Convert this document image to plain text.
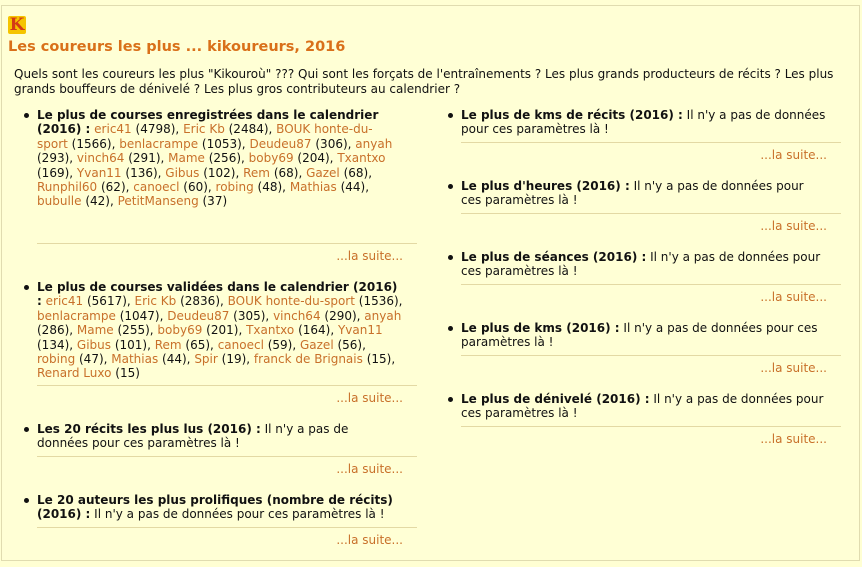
K
Les coureurs les plus ... kikoureurs, 2016
Quels sont les coureurs les plus "Kikouroù" ??? Qui sont les forçats de l'entraînements ? Les plus grands producteurs de récits ? Les plus grands bouffeurs de dénivelé ? Les plus gros contributeurs au calendrier ?
Le plus de courses enregistrées dans le calendrier (2016) : eric41 (4798), Eric Kb (2484), BOUK honte-du-sport (1566), benlacrampe (1053), Deudeu87 (306), anyah (293), vinch64 (291), Mame (256), boby69 (204), Txantxo (169), Yvan11 (136), Gibus (102), Rem (68), Gazel (68), Runphil60 (62), canoecl (60), robing (48), Mathias (44), bubulle (42), PetitManseng (37)
...la suite...
Le plus de courses validées dans le calendrier (2016) : eric41 (5617), Eric Kb (2836), BOUK honte-du-sport (1536), benlacrampe (1047), Deudeu87 (305), vinch64 (290), anyah (286), Mame (255), boby69 (201), Txantxo (164), Yvan11 (134), Gibus (101), Rem (65), canoecl (59), Gazel (56), robing (47), Mathias (44), Spir (19), franck de Brignais (15), Renard Luxo (15)
...la suite...
Les 20 récits les plus lus (2016) : Il n'y a pas de données pour ces paramètres là !
...la suite...
Le 20 auteurs les plus prolifiques (nombre de récits) (2016) : Il n'y a pas de données pour ces paramètres là !
...la suite...
Le plus de kms de récits (2016) : Il n'y a pas de données pour ces paramètres là !
...la suite...
Le plus d'heures (2016) : Il n'y a pas de données pour ces paramètres là !
...la suite...
Le plus de séances (2016) : Il n'y a pas de données pour ces paramètres là !
...la suite...
Le plus de kms (2016) : Il n'y a pas de données pour ces paramètres là !
...la suite...
Le plus de dénivelé (2016) : Il n'y a pas de données pour ces paramètres là !
...la suite...
